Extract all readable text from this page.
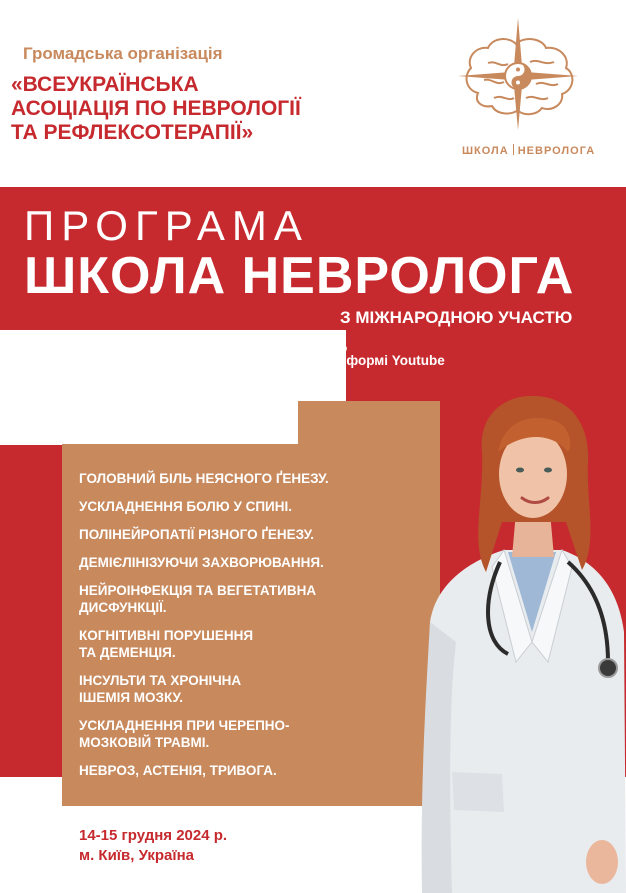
Громадська організація
«ВСЕУКРАЇНСЬКА
АСОЦІАЦІЯ ПО НЕВРОЛОГІЇ
ТА РЕФЛЕКСОТЕРАПІЇ»
ШКОЛА НЕВРОЛОГА
ПРОГРАМА
ШКОЛА НЕВРОЛОГА
З МІЖНАРОДНОЮ УЧАСТЮ
відео-тренінги, відео-лекції, практичні навички,
відповіді на запитання в режимі on-line на платформі Youtube
«Командний неврологічний GRAND ROUND»
дистанційна форма навчання
ГОЛОВНИЙ БІЛЬ НЕЯСНОГО ҐЕНЕЗУ.
УСКЛАДНЕННЯ БОЛЮ У СПИНІ.
ПОЛІНЕЙРОПАТІЇ РІЗНОГО ҐЕНЕЗУ.
ДЕМІЄЛІНІЗУЮЧИ ЗАХВОРЮВАННЯ.
НЕЙРОІНФЕКЦІЯ ТА ВЕГЕТАТИВНА
ДИСФУНКЦІЇ.
КОГНІТИВНІ ПОРУШЕННЯ
ТА ДЕМЕНЦІЯ.
ІНСУЛЬТИ ТА ХРОНІЧНА
ІШЕМІЯ МОЗКУ.
УСКЛАДНЕННЯ ПРИ ЧЕРЕПНО-
МОЗКОВІЙ ТРАВМІ.
НЕВРОЗ, АСТЕНІЯ, ТРИВОГА.
14-15 грудня 2024 р.
м. Київ, Україна
